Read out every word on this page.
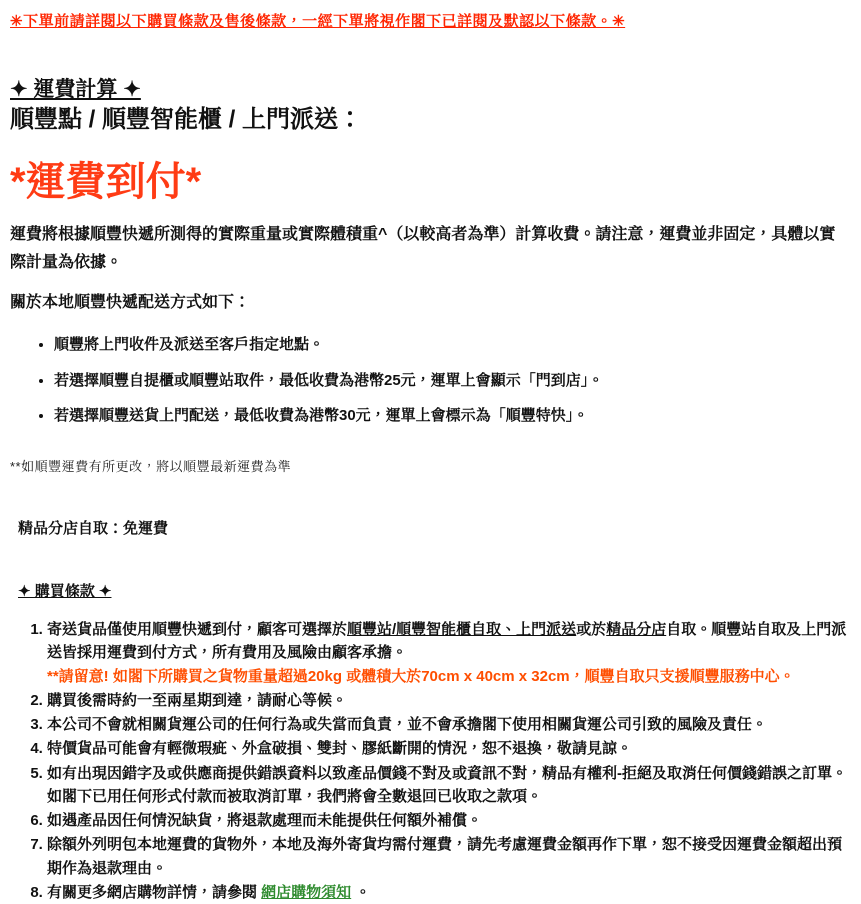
✳下單前請詳閱以下購買條款及售後條款，一經下單將視作閣下已詳閱及默認以下條款。✳

✦ 運費計算 ✦
順豐點 / 順豐智能櫃 / 上門派送：
*運費到付*

運費將根據順豐快遞所測得的實際重量或實際體積重^（以較高者為準）計算收費。請注意，運費並非固定，具體以實際計量為依據。

關於本地順豐快遞配送方式如下：

• 順豐將上門收件及派送至客戶指定地點。
• 若選擇順豐自提櫃或順豐站取件，最低收費為港幣25元，運單上會顯示「門到店」。
• 若選擇順豐送貨上門配送，最低收費為港幣30元，運單上會標示為「順豐特快」。

**如順豐運費有所更改，將以順豐最新運費為準

精品分店自取：免運費

✦ 購買條款 ✦
1. 寄送貨品僅使用順豐快遞到付，顧客可選擇於順豐站/順豐智能櫃自取、上門派送或於精品分店自取。順豐站自取及上門派送皆採用運費到付方式，所有費用及風險由顧客承擔。
**請留意! 如閣下所購買之貨物重量超過20kg 或體積大於70cm x 40cm x 32cm，順豐自取只支援順豐服務中心。
2. 購買後需時約一至兩星期到達，請耐心等候。
3. 本公司不會就相關貨運公司的任何行為或失當而負責，並不會承擔閣下使用相關貨運公司引致的風險及責任。
4. 特價貨品可能會有輕微瑕疵、外盒破損、雙封、膠紙斷開的情況，恕不退換，敬請見諒。
5. 如有出現因錯字及或供應商提供錯誤資料以致產品價錢不對及或資訊不對，精品有權利-拒絕及取消任何價錢錯誤之訂單。如閣下已用任何形式付款而被取消訂單，我們將會全數退回已收取之款項。
6. 如遇產品因任何情況缺貨，將退款處理而未能提供任何額外補償。
7. 除額外列明包本地運費的貨物外，本地及海外寄貨均需付運費，請先考慮運費金額再作下單，恕不接受因運費金額超出預期作為退款理由。
8. 有關更多網店購物詳情，請參閱 網店購物須知 。
